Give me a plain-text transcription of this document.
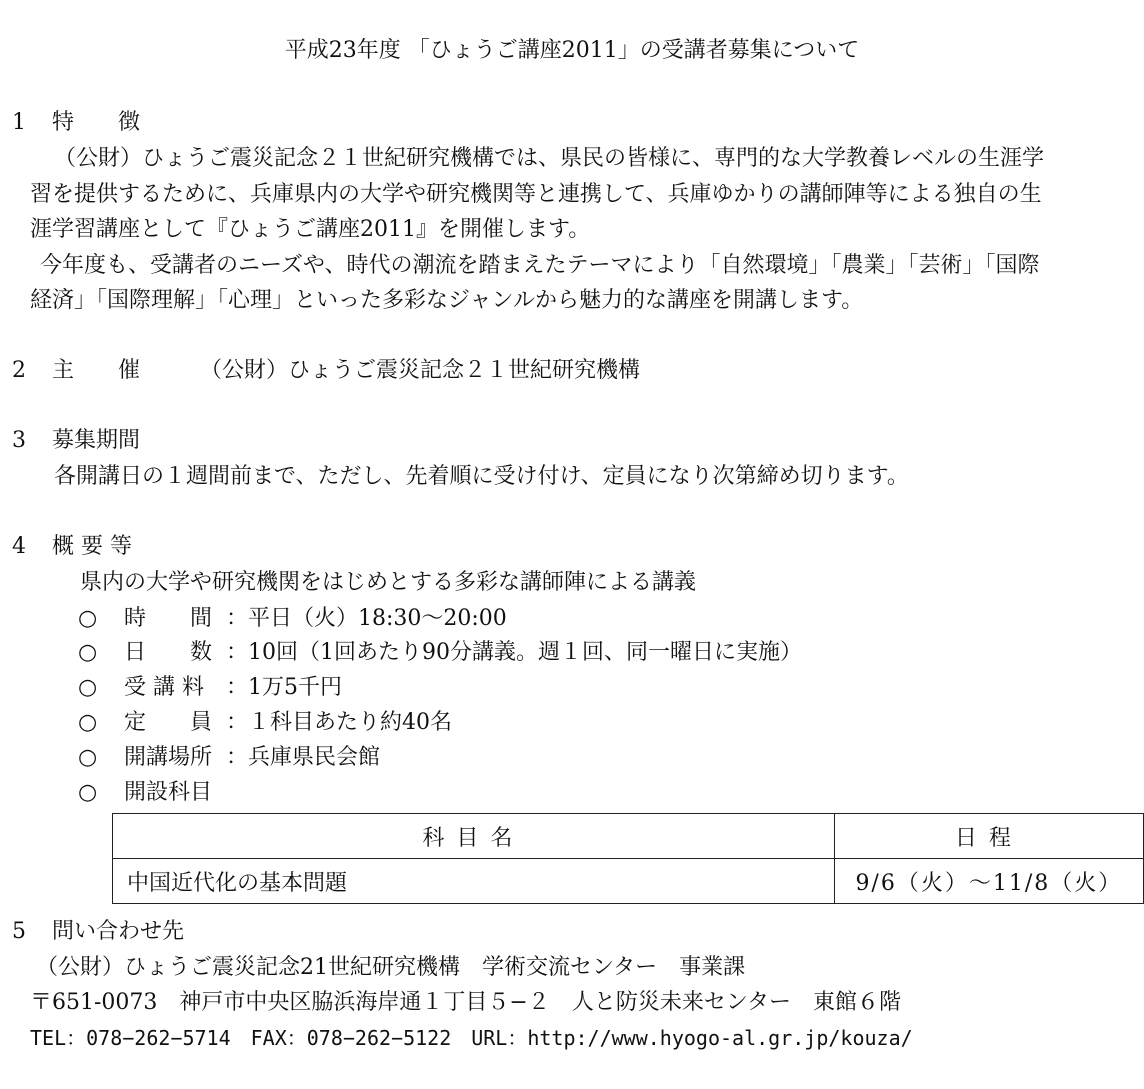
平成23年度 「ひょうご講座2011」の受講者募集について
1 特　　徴
（公財）ひょうご震災記念２１世紀研究機構では、県民の皆様に、専門的な大学教養レベルの生涯学
習を提供するために、兵庫県内の大学や研究機関等と連携して、兵庫ゆかりの講師陣等による独自の生
涯学習講座として『ひょうご講座2011』を開催します。
今年度も、受講者のニーズや、時代の潮流を踏まえたテーマにより「自然環境」「農業」「芸術」「国際
経済」「国際理解」「心理」といった多彩なジャンルから魅力的な講座を開講します。
2 主　　催	（公財）ひょうご震災記念２１世紀研究機構
3 募集期間
各開講日の１週間前まで、ただし、先着順に受け付け、定員になり次第締め切ります。
4 概 要 等
県内の大学や研究機関をはじめとする多彩な講師陣による講義
○ 時　　間 ：平日（火）18:30～20:00
○ 日　　数 ：10回（1回あたり90分講義。週１回、同一曜日に実施）
○ 受 講 料 ：1万5千円
○ 定　　員 ：１科目あたり約40名
○ 開講場所 ：兵庫県民会館
○ 開設科目
科目名	日程
中国近代化の基本問題	9/6（火）～11/8（火）
5 問い合わせ先
（公財）ひょうご震災記念21世紀研究機構　学術交流センター　事業課
〒651-0073　神戸市中央区脇浜海岸通１丁目５−２　人と防災未来センター　東館６階
TEL：078−262−5714　FAX：078−262−5122　URL：http://www.hyogo-al.gr.jp/kouza/
